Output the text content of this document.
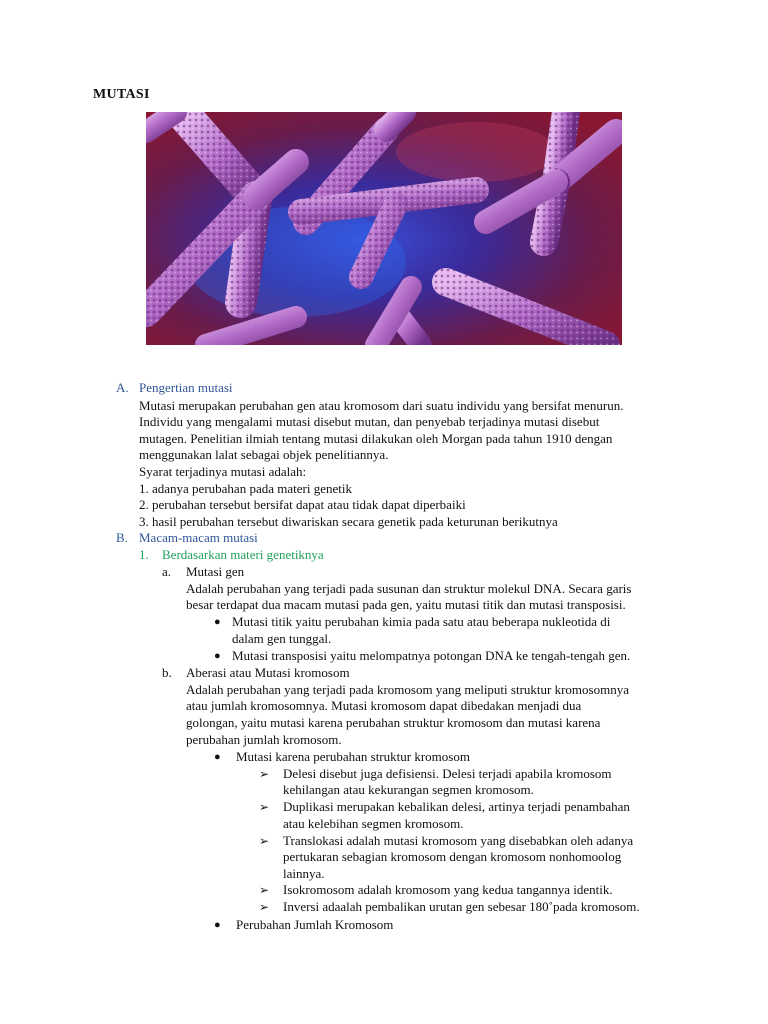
MUTASI
A. Pengertian mutasi
Mutasi merupakan perubahan gen atau kromosom dari suatu individu yang bersifat menurun.
Individu yang mengalami mutasi disebut mutan, dan penyebab terjadinya mutasi disebut
mutagen. Penelitian ilmiah tentang mutasi dilakukan oleh Morgan pada tahun 1910 dengan
menggunakan lalat sebagai objek penelitiannya.
Syarat terjadinya mutasi adalah:
1. adanya perubahan pada materi genetik
2. perubahan tersebut bersifat dapat atau tidak dapat diperbaiki
3. hasil perubahan tersebut diwariskan secara genetik pada keturunan berikutnya
B. Macam-macam mutasi
1. Berdasarkan materi genetiknya
a. Mutasi gen
Adalah perubahan yang terjadi pada susunan dan struktur molekul DNA. Secara garis
besar terdapat dua macam mutasi pada gen, yaitu mutasi titik dan mutasi transposisi.
● Mutasi titik yaitu perubahan kimia pada satu atau beberapa nukleotida di
dalam gen tunggal.
● Mutasi transposisi yaitu melompatnya potongan DNA ke tengah-tengah gen.
b. Aberasi atau Mutasi kromosom
Adalah perubahan yang terjadi pada kromosom yang meliputi struktur kromosomnya
atau jumlah kromosomnya. Mutasi kromosom dapat dibedakan menjadi dua
golongan, yaitu mutasi karena perubahan struktur kromosom dan mutasi karena
perubahan jumlah kromosom.
● Mutasi karena perubahan struktur kromosom
➢ Delesi disebut juga defisiensi. Delesi terjadi apabila kromosom
kehilangan atau kekurangan segmen kromosom.
➢ Duplikasi merupakan kebalikan delesi, artinya terjadi penambahan
atau kelebihan segmen kromosom.
➢ Translokasi adalah mutasi kromosom yang disebabkan oleh adanya
pertukaran sebagian kromosom dengan kromosom nonhomoolog
lainnya.
➢ Isokromosom adalah kromosom yang kedua tangannya identik.
➢ Inversi adaalah pembalikan urutan gen sebesar 180˚pada kromosom.
● Perubahan Jumlah Kromosom
